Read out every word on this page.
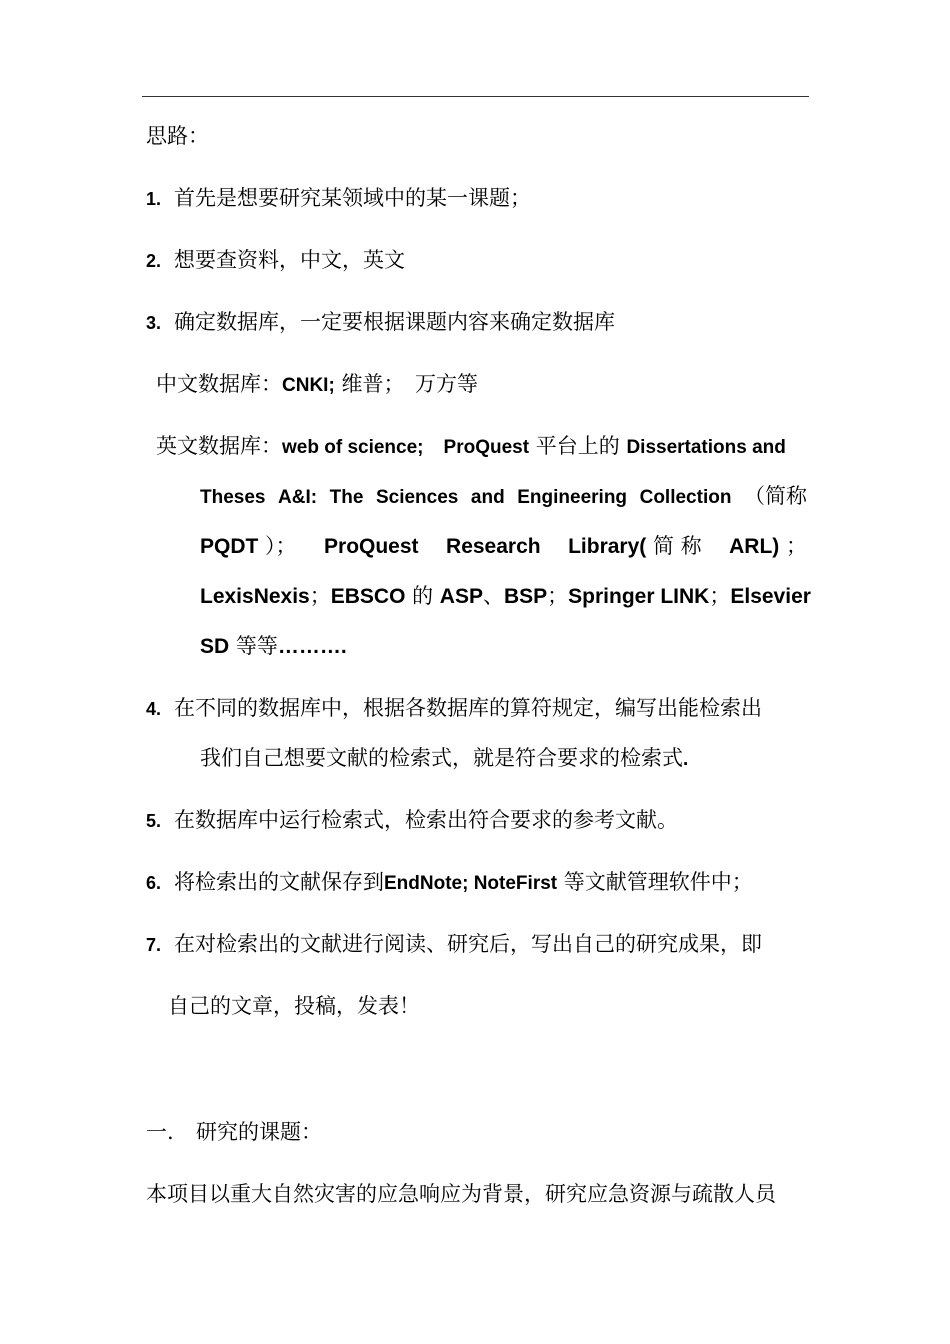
思路：
1. 首先是想要研究某领域中的某一课题；
2. 想要查资料，中文，英文
3. 确定数据库，一定要根据课题内容来确定数据库
中文数据库：CNKI; 维普；　万方等
英文数据库：web of science; ProQuest 平台上的 Dissertations and
Theses A&I: The Sciences and Engineering Collection （简称
PQDT ）； ProQuest Research Library( 简 称 ARL) ；
LexisNexis；EBSCO 的 ASP、BSP；Springer LINK； Elsevier
SD 等等……….
4. 在不同的数据库中，根据各数据库的算符规定，编写出能检索出
我们自己想要文献的检索式，就是符合要求的检索式.
5. 在数据库中运行检索式，检索出符合要求的参考文献。
6. 将检索出的文献保存到EndNote; NoteFirst 等文献管理软件中；
7. 在对检索出的文献进行阅读、研究后，写出自己的研究成果，即
自己的文章，投稿，发表！
一. 研究的课题：
本项目以重大自然灾害的应急响应为背景，研究应急资源与疏散人员
